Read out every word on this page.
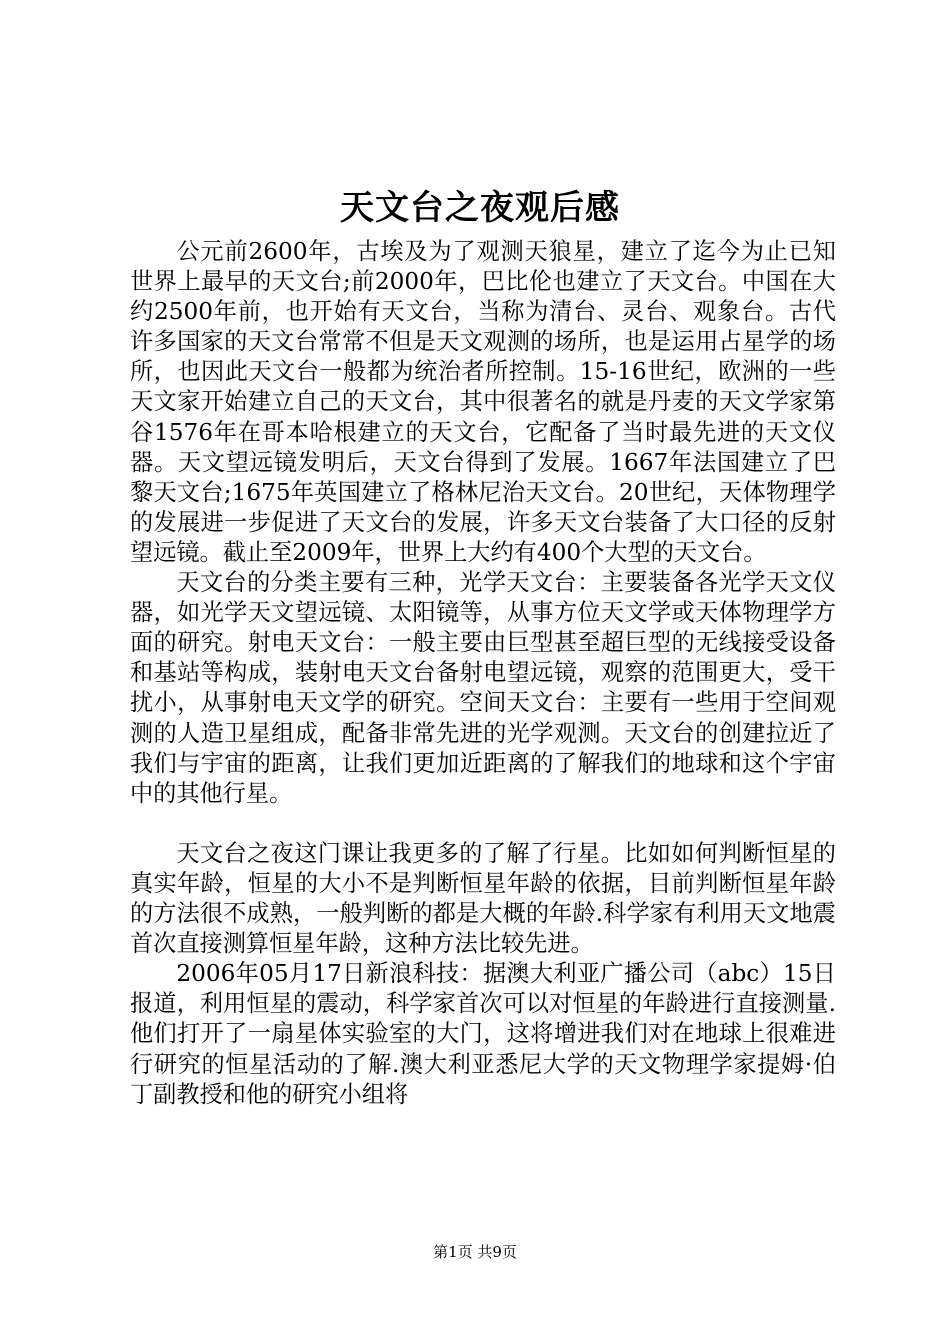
天文台之夜观后感

公元前2600年，古埃及为了观测天狼星，建立了迄今为止已知世界上最早的天文台;前2000年，巴比伦也建立了天文台。中国在大约2500年前，也开始有天文台，当称为清台、灵台、观象台。古代许多国家的天文台常常不但是天文观测的场所，也是运用占星学的场所，也因此天文台一般都为统治者所控制。15-16世纪，欧洲的一些天文家开始建立自己的天文台，其中很著名的就是丹麦的天文学家第谷1576年在哥本哈根建立的天文台，它配备了当时最先进的天文仪器。天文望远镜发明后，天文台得到了发展。1667年法国建立了巴黎天文台;1675年英国建立了格林尼治天文台。20世纪，天体物理学的发展进一步促进了天文台的发展，许多天文台装备了大口径的反射望远镜。截止至2009年，世界上大约有400个大型的天文台。

天文台的分类主要有三种，光学天文台：主要装备各光学天文仪器，如光学天文望远镜、太阳镜等，从事方位天文学或天体物理学方面的研究。射电天文台：一般主要由巨型甚至超巨型的无线接受设备和基站等构成，装射电天文台备射电望远镜，观察的范围更大，受干扰小，从事射电天文学的研究。空间天文台：主要有一些用于空间观测的人造卫星组成，配备非常先进的光学观测。天文台的创建拉近了我们与宇宙的距离，让我们更加近距离的了解我们的地球和这个宇宙中的其他行星。

天文台之夜这门课让我更多的了解了行星。比如如何判断恒星的真实年龄，恒星的大小不是判断恒星年龄的依据，目前判断恒星年龄的方法很不成熟，一般判断的都是大概的年龄.科学家有利用天文地震首次直接测算恒星年龄，这种方法比较先进。

2006年05月17日新浪科技：据澳大利亚广播公司（abc）15日报道，利用恒星的震动，科学家首次可以对恒星的年龄进行直接测量.他们打开了一扇星体实验室的大门，这将增进我们对在地球上很难进行研究的恒星活动的了解.澳大利亚悉尼大学的天文物理学家提姆·伯丁副教授和他的研究小组将

第1页 共9页
